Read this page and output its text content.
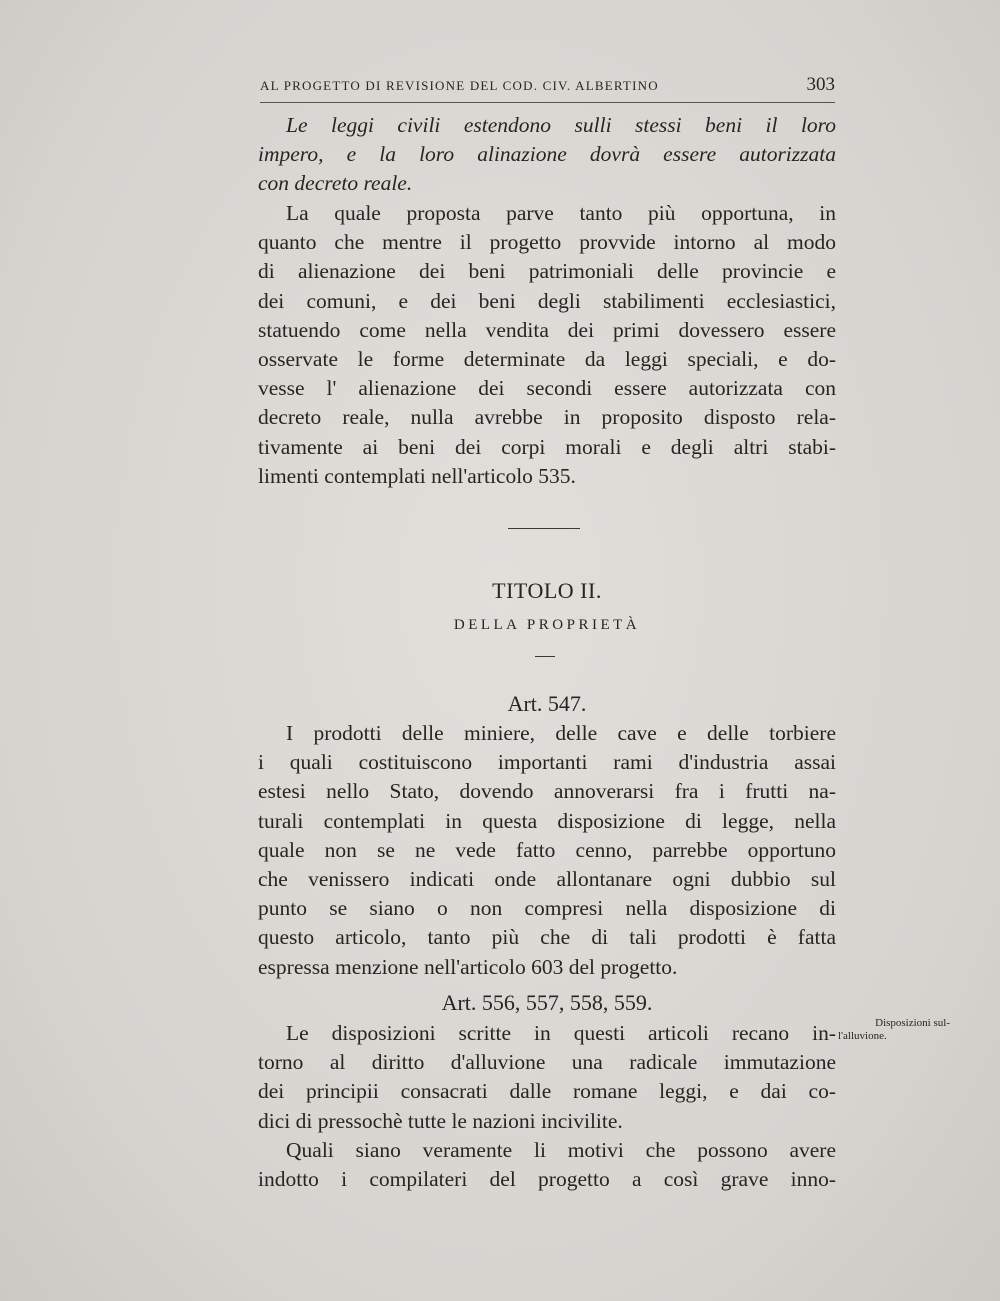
AL PROGETTO DI REVISIONE DEL COD. CIV. ALBERTINO	303
Le leggi civili estendono sulli stessi beni il loro
impero, e la loro alinazione dovrà essere autorizzata
con decreto reale.
La quale proposta parve tanto più opportuna, in
quanto che mentre il progetto provvide intorno al modo
di alienazione dei beni patrimoniali delle provincie e
dei comuni, e dei beni degli stabilimenti ecclesiastici,
statuendo come nella vendita dei primi dovessero essere
osservate le forme determinate da leggi speciali, e do-
vesse l' alienazione dei secondi essere autorizzata con
decreto reale, nulla avrebbe in proposito disposto rela-
tivamente ai beni dei corpi morali e degli altri stabi-
limenti contemplati nell'articolo 535.
TITOLO II.
DELLA PROPRIETÀ
Art. 547.
I prodotti delle miniere, delle cave e delle torbiere
i quali costituiscono importanti rami d'industria assai
estesi nello Stato, dovendo annoverarsi fra i frutti na-
turali contemplati in questa disposizione di legge, nella
quale non se ne vede fatto cenno, parrebbe opportuno
che venissero indicati onde allontanare ogni dubbio sul
punto se siano o non compresi nella disposizione di
questo articolo, tanto più che di tali prodotti è fatta
espressa menzione nell'articolo 603 del progetto.
Art. 556, 557, 558, 559.
Le disposizioni scritte in questi articoli recano in-
torno al diritto d'alluvione una radicale immutazione
dei principii consacrati dalle romane leggi, e dai co-
dici di pressochè tutte le nazioni incivilite.
Quali siano veramente li motivi che possono avere
indotto i compilateri del progetto a così grave inno-
Disposizioni sul-
l'alluvione.
